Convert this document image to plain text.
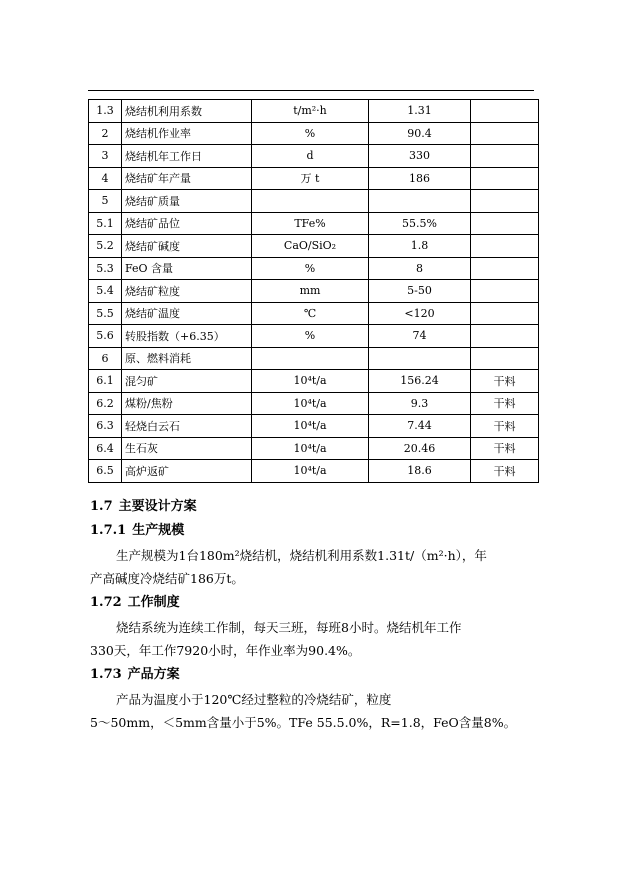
1.3	烧结机利用系数	t/m²·h	1.31	
2	烧结机作业率	%	90.4	
3	烧结机年工作日	d	330	
4	烧结矿年产量	万 t	186	
5	烧结矿质量			
5.1	烧结矿品位	TFe%	55.5%	
5.2	烧结矿碱度	CaO/SiO₂	1.8	
5.3	FeO 含量	%	8	
5.4	烧结矿粒度	mm	5-50	
5.5	烧结矿温度	℃	<120	
5.6	转股指数（+6.35）	%	74	
6	原、燃料消耗			
6.1	混匀矿	10⁴t/a	156.24	干料
6.2	煤粉/焦粉	10⁴t/a	9.3	干料
6.3	轻烧白云石	10⁴t/a	7.44	干料
6.4	生石灰	10⁴t/a	20.46	干料
6.5	高炉返矿	10⁴t/a	18.6	干料

1.7 主要设计方案

1.7.1 生产规模

生产规模为1台180m²烧结机，烧结机利用系数1.31t/（m²·h），年

产高碱度冷烧结矿186万t。

1.72 工作制度

烧结系统为连续工作制，每天三班，每班8小时。烧结机年工作

330天，年工作7920小时，年作业率为90.4%。

1.73 产品方案

产品为温度小于120℃经过整粒的冷烧结矿，粒度

5～50mm，＜5mm含量小于5%。TFe 55.5.0%，R=1.8，FeO含量8%。
